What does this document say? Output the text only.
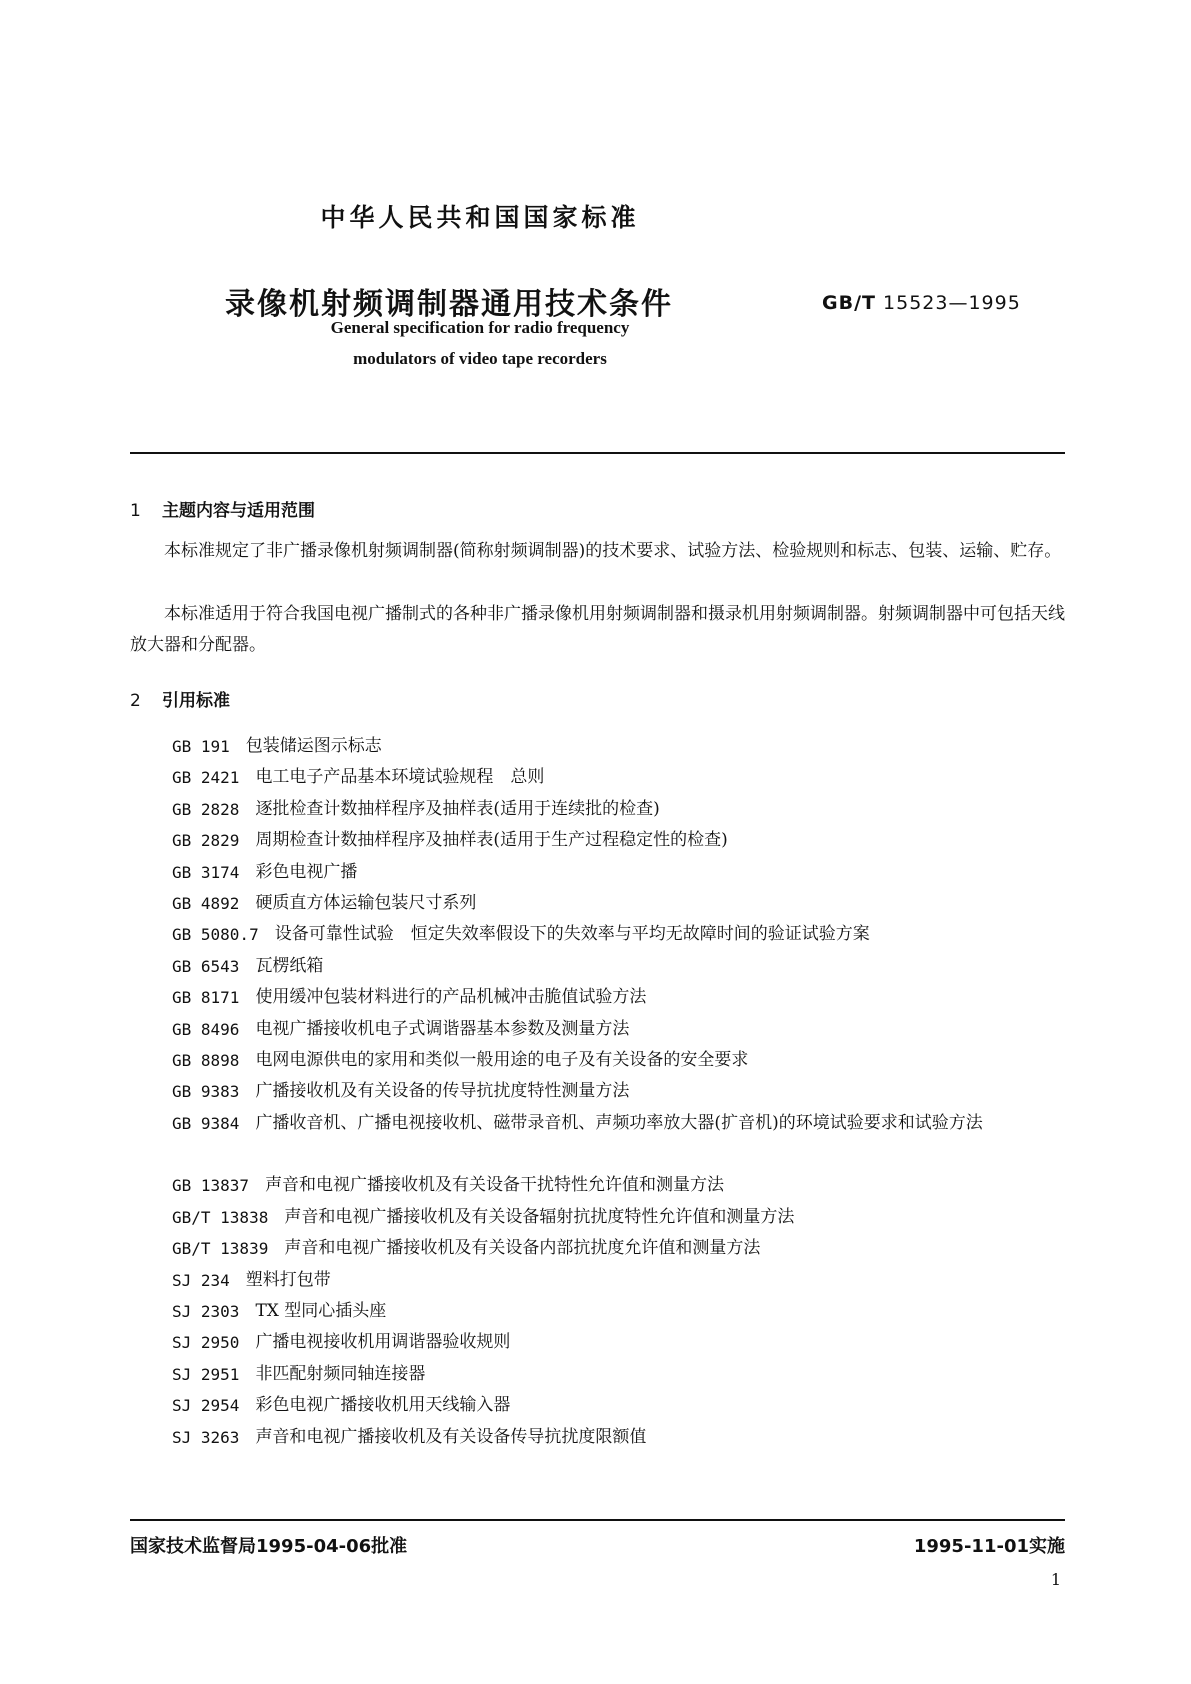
中华人民共和国国家标准
录像机射频调制器通用技术条件	GB/T 15523—1995
General specification for radio frequency
modulators of video tape recorders
1 主题内容与适用范围
本标准规定了非广播录像机射频调制器(简称射频调制器)的技术要求、试验方法、检验规则和标志、包装、运输、贮存。
本标准适用于符合我国电视广播制式的各种非广播录像机用射频调制器和摄录机用射频调制器。射频调制器中可包括天线放大器和分配器。
2 引用标准
GB 191 包装储运图示标志
GB 2421 电工电子产品基本环境试验规程　总则
GB 2828 逐批检查计数抽样程序及抽样表(适用于连续批的检查)
GB 2829 周期检查计数抽样程序及抽样表(适用于生产过程稳定性的检查)
GB 3174 彩色电视广播
GB 4892 硬质直方体运输包装尺寸系列
GB 5080.7 设备可靠性试验　恒定失效率假设下的失效率与平均无故障时间的验证试验方案
GB 6543 瓦楞纸箱
GB 8171 使用缓冲包装材料进行的产品机械冲击脆值试验方法
GB 8496 电视广播接收机电子式调谐器基本参数及测量方法
GB 8898 电网电源供电的家用和类似一般用途的电子及有关设备的安全要求
GB 9383 广播接收机及有关设备的传导抗扰度特性测量方法
GB 9384 广播收音机、广播电视接收机、磁带录音机、声频功率放大器(扩音机)的环境试验要求和试验方法
GB 13837 声音和电视广播接收机及有关设备干扰特性允许值和测量方法
GB/T 13838 声音和电视广播接收机及有关设备辐射抗扰度特性允许值和测量方法
GB/T 13839 声音和电视广播接收机及有关设备内部抗扰度允许值和测量方法
SJ 234 塑料打包带
SJ 2303 TX 型同心插头座
SJ 2950 广播电视接收机用调谐器验收规则
SJ 2951 非匹配射频同轴连接器
SJ 2954 彩色电视广播接收机用天线输入器
SJ 3263 声音和电视广播接收机及有关设备传导抗扰度限额值
国家技术监督局1995-04-06批准	1995-11-01实施
1
